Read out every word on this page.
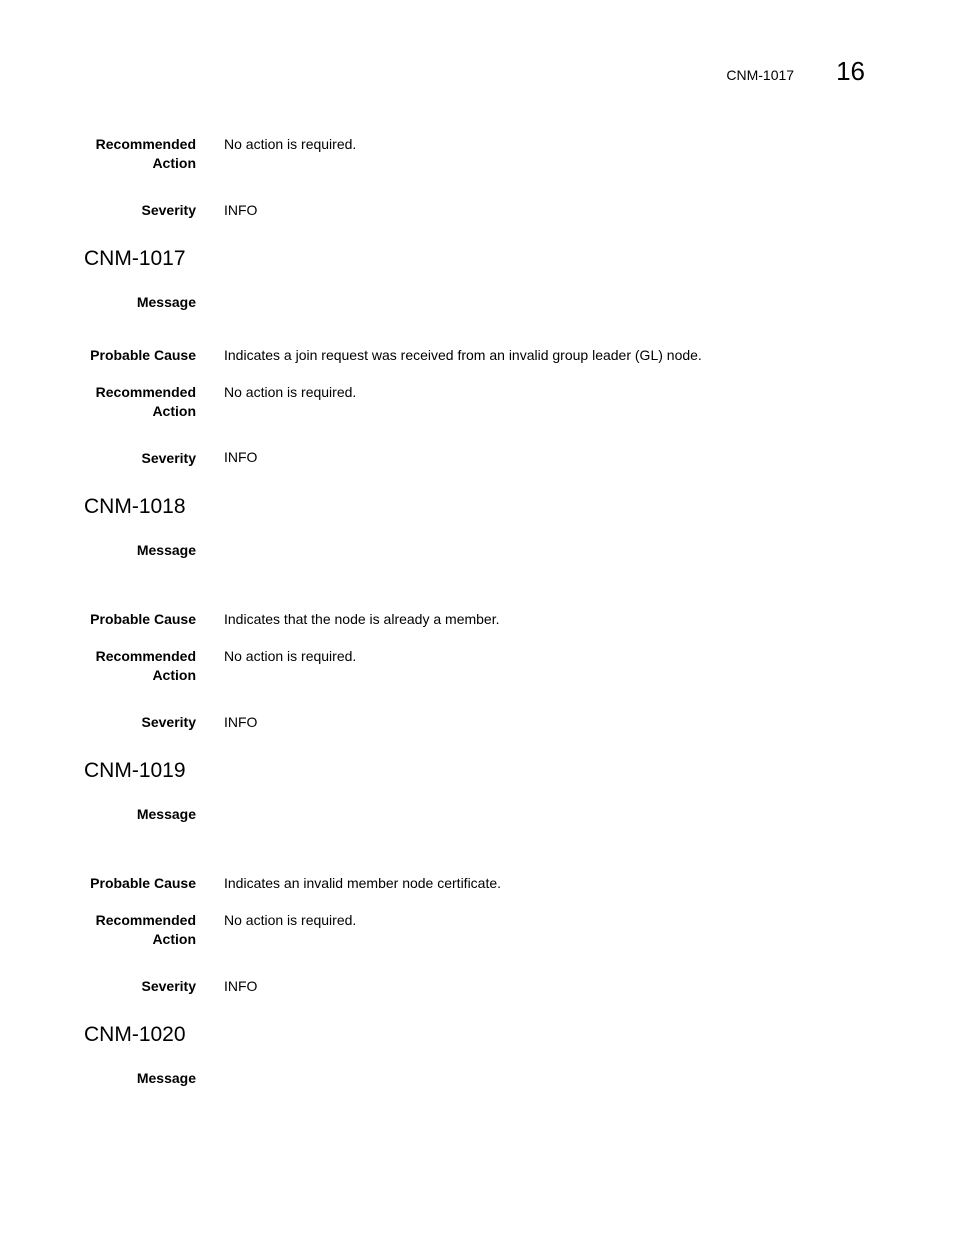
CNM-1017 16
Recommended
Action
No action is required.
Severity INFO
CNM-1017
Message
Probable Cause Indicates a join request was received from an invalid group leader (GL) node.
Recommended
Action
No action is required.
Severity INFO
CNM-1018
Message
Probable Cause Indicates that the node is already a member.
Recommended
Action
No action is required.
Severity INFO
CNM-1019
Message
Probable Cause Indicates an invalid member node certificate.
Recommended
Action
No action is required.
Severity INFO
CNM-1020
Message
